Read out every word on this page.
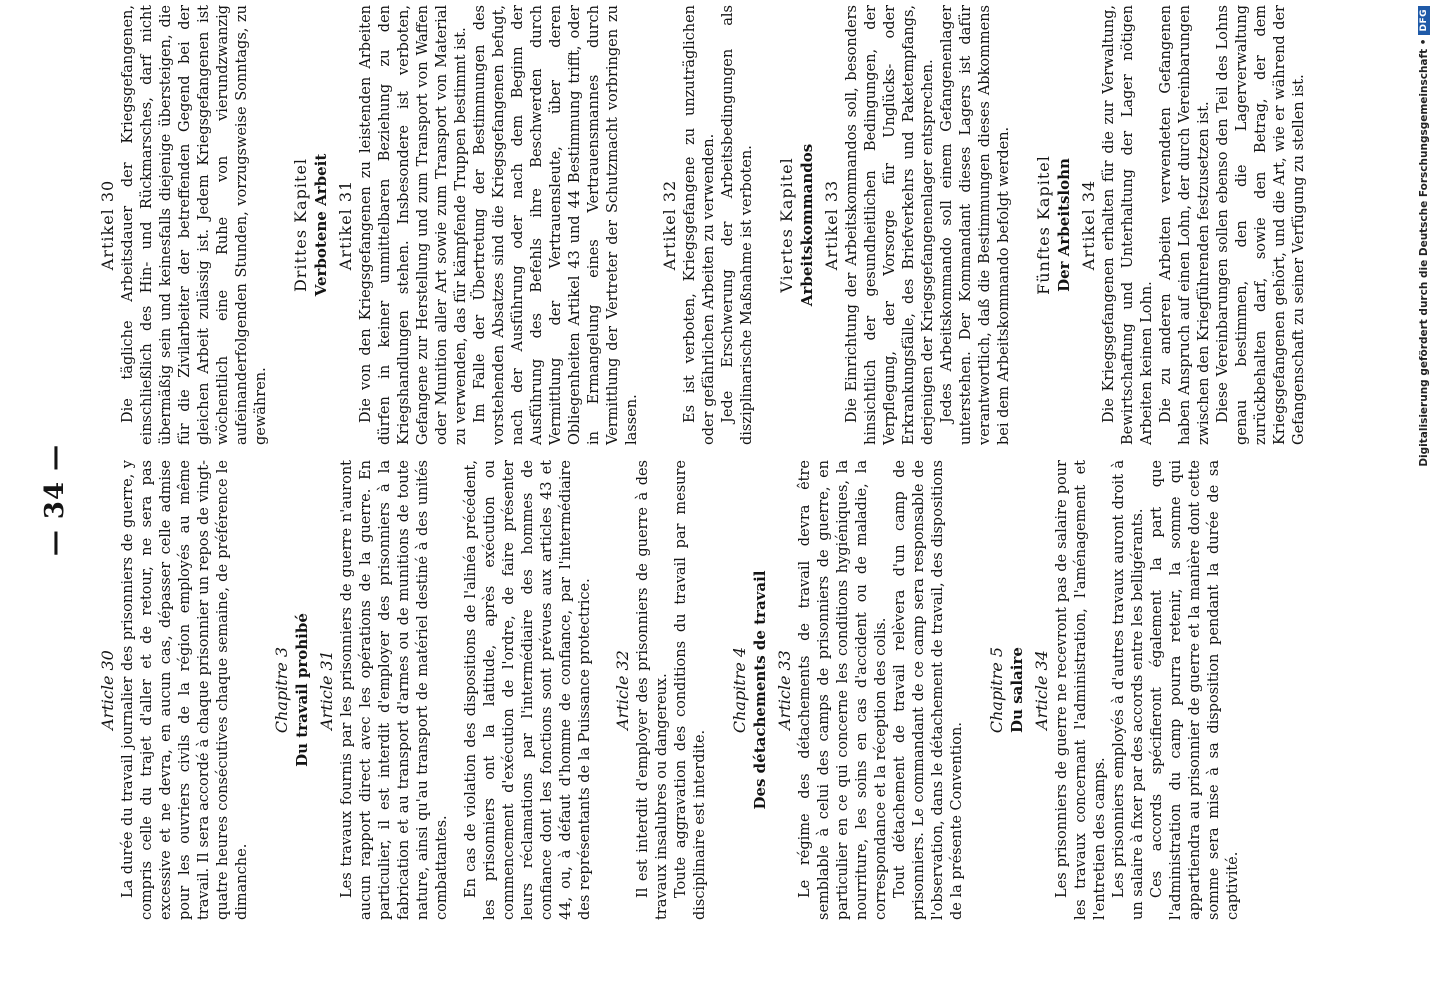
— 34 —
Article 30 La durée du travail journalier des prisonniers de guerre, y compris celle du trajet d'aller et de retour, ne sera pas excessive et ne devra, en aucun cas, dépasser celle admise pour les ouvriers civils de la région employés au même travail. Il sera accordé à chaque prisonnier un repos de vingt-quatre heures consécutives chaque semaine, de préférence le dimanche.

Chapitre 3 Du travail prohibé Article 31 Les travaux fournis par les prisonniers de guerre n'auront aucun rapport direct avec les opérations de la guerre. En particulier, il est interdit d'employer des prisonniers à la fabrication et au transport d'armes ou de munitions de toute nature, ainsi qu'au transport de matériel destiné à des unités combattantes. En cas de violation des dispositions de l'alinéa précédent, les prisonniers ont la latitude, après exécution ou commencement d'exécution de l'ordre, de faire présenter leurs réclamations par l'intermédiaire des hommes de confiance dont les fonctions sont prévues aux articles 43 et 44, ou, à défaut d'homme de confiance, par l'intermédiaire des représentants de la Puissance protectrice. Article 32 Il est interdit d'employer des prisonniers de guerre à des travaux insalubres ou dangereux. Toute aggravation des conditions du travail par mesure disciplinaire est interdite.

Chapitre 4 Des détachements de travail Article 33 Le régime des détachements de travail devra être semblable à celui des camps de prisonniers de guerre, en particulier en ce qui concerne les conditions hygiéniques, la nourriture, les soins en cas d'accident ou de maladie, la correspondance et la réception des colis. Tout détachement de travail relèvera d'un camp de prisonniers. Le commandant de ce camp sera responsable de l'observation, dans le détachement de travail, des dispositions de la présente Convention.

Chapitre 5 Du salaire Article 34 Les prisonniers de guerre ne recevront pas de salaire pour les travaux concernant l'administration, l'aménagement et l'entretien des camps. Les prisonniers employés à d'autres travaux auront droit à un salaire à fixer par des accords entre les belligérants. Ces accords spécifieront également la part que l'administration du camp pourra retenir, la somme qui appartiendra au prisonnier de guerre et la manière dont cette somme sera mise à sa disposition pendant la durée de sa captivité.

Artikel 30 Die tägliche Arbeitsdauer der Kriegsgefangenen, einschließlich des Hin- und Rückmarsches, darf nicht übermäßig sein und keinesfalls diejenige übersteigen, die für die Zivilarbeiter der betreffenden Gegend bei der gleichen Arbeit zulässig ist. Jedem Kriegsgefangenen ist wöchentlich eine Ruhe von vierundzwanzig aufeinanderfolgenden Stunden, vorzugsweise Sonntags, zu gewähren.

Drittes Kapitel Verbotene Arbeit Artikel 31 Die von den Kriegsgefangenen zu leistenden Arbeiten dürfen in keiner unmittelbaren Beziehung zu den Kriegshandlungen stehen. Insbesondere ist verboten, Gefangene zur Herstellung und zum Transport von Waffen oder Munition aller Art sowie zum Transport von Material zu verwenden, das für kämpfende Truppen bestimmt ist. Im Falle der Übertretung der Bestimmungen des vorstehenden Absatzes sind die Kriegsgefangenen befugt, nach der Ausführung oder nach dem Beginn der Ausführung des Befehls ihre Beschwerden durch Vermittlung der Vertrauensleute, über deren Obliegenheiten Artikel 43 und 44 Bestimmung trifft, oder in Ermangelung eines Vertrauensmannes durch Vermittlung der Vertreter der Schutzmacht vorbringen zu lassen.

Artikel 32 Es ist verboten, Kriegsgefangene zu unzuträglichen oder gefährlichen Arbeiten zu verwenden. Jede Erschwerung der Arbeitsbedingungen als disziplinarische Maßnahme ist verboten. Viertes Kapitel Arbeitskommandos Artikel 33 Die Einrichtung der Arbeitskommandos soll, besonders hinsichtlich der gesundheitlichen Bedingungen, der Verpflegung, der Vorsorge für Unglücks- oder Erkrankungsfälle, des Briefverkehrs und Paketempfangs, derjenigen der Kriegsgefangenenlager entsprechen. Jedes Arbeitskommando soll einem Gefangenenlager unterstehen. Der Kommandant dieses Lagers ist dafür verantwortlich, daß die Bestimmungen dieses Abkommens bei dem Arbeitskommando befolgt werden. Fünftes Kapitel Der Arbeitslohn Artikel 34 Die Kriegsgefangenen erhalten für die zur Verwaltung, Bewirtschaftung und Unterhaltung der Lager nötigen Arbeiten keinen Lohn. Die zu anderen Arbeiten verwendeten Gefangenen haben Anspruch auf einen Lohn, der durch Vereinbarungen zwischen den Kriegführenden festzusetzen ist. Diese Vereinbarungen sollen ebenso den Teil des Lohns genau bestimmen, den die Lagerverwaltung zurückbehalten darf, sowie den Betrag, der dem Kriegsgefangenen gehört, und die Art, wie er während der Gefangenschaft zu seiner Verfügung zu stellen ist.	Digitalisierung gefördert durch die Deutsche Forschungsgemeinschaft •
DFG
